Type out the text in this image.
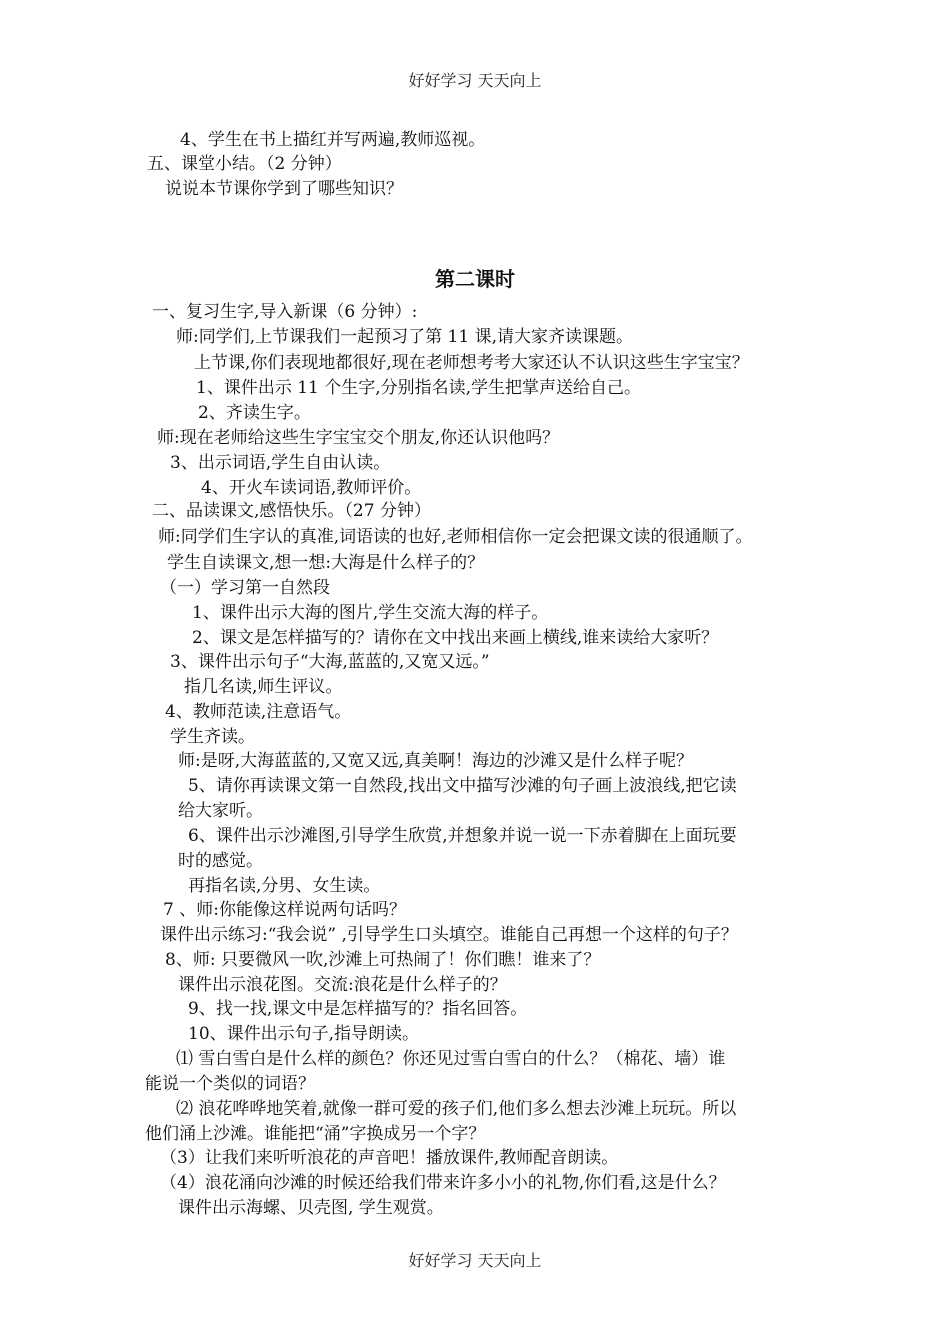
好好学习 天天向上
4、学生在书上描红并写两遍,教师巡视。
五、课堂小结。（2 分钟）
说说本节课你学到了哪些知识？
第二课时
一、复习生字,导入新课（6 分钟）:
师:同学们,上节课我们一起预习了第 11 课,请大家齐读课题。
上节课,你们表现地都很好,现在老师想考考大家还认不认识这些生字宝宝？
1、课件出示 11 个生字,分别指名读,学生把掌声送给自己。
2、齐读生字。
师:现在老师给这些生字宝宝交个朋友,你还认识他吗？
3、出示词语,学生自由认读。
4、开火车读词语,教师评价。
二、品读课文,感悟快乐。（27 分钟）
师:同学们生字认的真准,词语读的也好,老师相信你一定会把课文读的很通顺了。
学生自读课文,想一想:大海是什么样子的？
（一）学习第一自然段
1、课件出示大海的图片,学生交流大海的样子。
2、课文是怎样描写的？请你在文中找出来画上横线,谁来读给大家听？
3、课件出示句子“大海,蓝蓝的,又宽又远。”
指几名读,师生评议。
4、教师范读,注意语气。
学生齐读。
师:是呀,大海蓝蓝的,又宽又远,真美啊！海边的沙滩又是什么样子呢？
5、请你再读课文第一自然段,找出文中描写沙滩的句子画上波浪线,把它读
给大家听。
6、课件出示沙滩图,引导学生欣赏,并想象并说一说一下赤着脚在上面玩要
时的感觉。
再指名读,分男、女生读。
7 、师:你能像这样说两句话吗？
课件出示练习:“我会说” ,引导学生口头填空。谁能自己再想一个这样的句子？
8、师: 只要微风一吹,沙滩上可热闹了！你们瞧！谁来了？
课件出示浪花图。交流:浪花是什么样子的？
9、找一找,课文中是怎样描写的？指名回答。
10、课件出示句子,指导朗读。
⑴ 雪白雪白是什么样的颜色？你还见过雪白雪白的什么？（棉花、墙）谁
能说一个类似的词语？
⑵ 浪花哗哗地笑着,就像一群可爱的孩子们,他们多么想去沙滩上玩玩。所以
他们涌上沙滩。谁能把“涌”字换成另一个字？
（3）让我们来听听浪花的声音吧！播放课件,教师配音朗读。
（4）浪花涌向沙滩的时候还给我们带来许多小小的礼物,你们看,这是什么？
课件出示海螺、贝壳图, 学生观赏。
好好学习 天天向上
